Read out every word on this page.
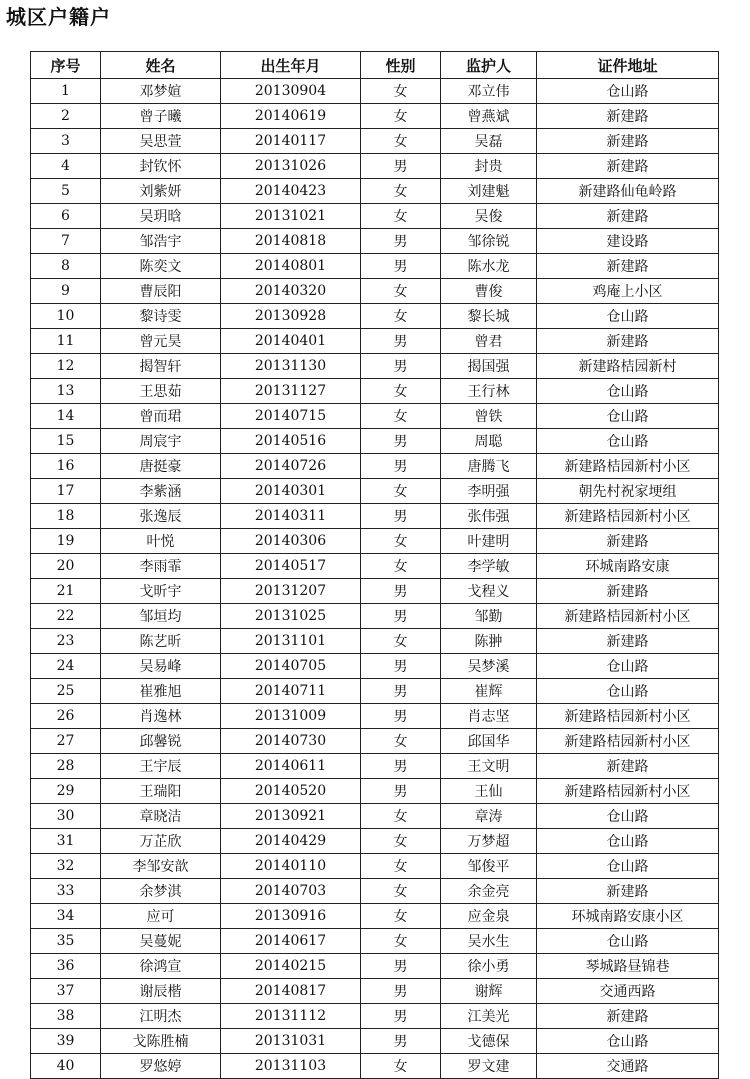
城区户籍户
序号	姓名	出生年月	性别	监护人	证件地址
1	邓梦媗	20130904	女	邓立伟	仓山路
2	曾子曦	20140619	女	曾燕斌	新建路
3	吴思萱	20140117	女	吴磊	新建路
4	封钦怀	20131026	男	封贵	新建路
5	刘紫妍	20140423	女	刘建魁	新建路仙龟岭路
6	吴玥晗	20131021	女	吴俊	新建路
7	邹浩宇	20140818	男	邹徐锐	建设路
8	陈奕文	20140801	男	陈水龙	新建路
9	曹辰阳	20140320	女	曹俊	鸡庵上小区
10	黎诗雯	20130928	女	黎长城	仓山路
11	曾元昊	20140401	男	曾君	新建路
12	揭智轩	20131130	男	揭国强	新建路桔园新村
13	王思茹	20131127	女	王行林	仓山路
14	曾而珺	20140715	女	曾铁	仓山路
15	周宸宇	20140516	男	周聪	仓山路
16	唐挺豪	20140726	男	唐腾飞	新建路桔园新村小区
17	李紫涵	20140301	女	李明强	朝先村祝家埂组
18	张逸辰	20140311	男	张伟强	新建路桔园新村小区
19	叶悦	20140306	女	叶建明	新建路
20	李雨霏	20140517	女	李学敏	环城南路安康
21	戈昕宇	20131207	男	戈程义	新建路
22	邹垣均	20131025	男	邹勤	新建路桔园新村小区
23	陈艺昕	20131101	女	陈翀	新建路
24	吴易峰	20140705	男	吴梦溪	仓山路
25	崔雅旭	20140711	男	崔辉	仓山路
26	肖逸林	20131009	男	肖志坚	新建路桔园新村小区
27	邱馨锐	20140730	女	邱国华	新建路桔园新村小区
28	王宇辰	20140611	男	王文明	新建路
29	王瑞阳	20140520	男	王仙	新建路桔园新村小区
30	章晓洁	20130921	女	章涛	仓山路
31	万芷欣	20140429	女	万梦超	仓山路
32	李邹安歆	20140110	女	邹俊平	仓山路
33	余梦淇	20140703	女	余金亮	新建路
34	应可	20130916	女	应金泉	环城南路安康小区
35	吴蔓妮	20140617	女	吴水生	仓山路
36	徐鸿宣	20140215	男	徐小勇	琴城路昼锦巷
37	谢辰楷	20140817	男	谢辉	交通西路
38	江明杰	20131112	男	江美光	新建路
39	戈陈胜楠	20131031	男	戈德保	仓山路
40	罗悠婷	20131103	女	罗文建	交通路
